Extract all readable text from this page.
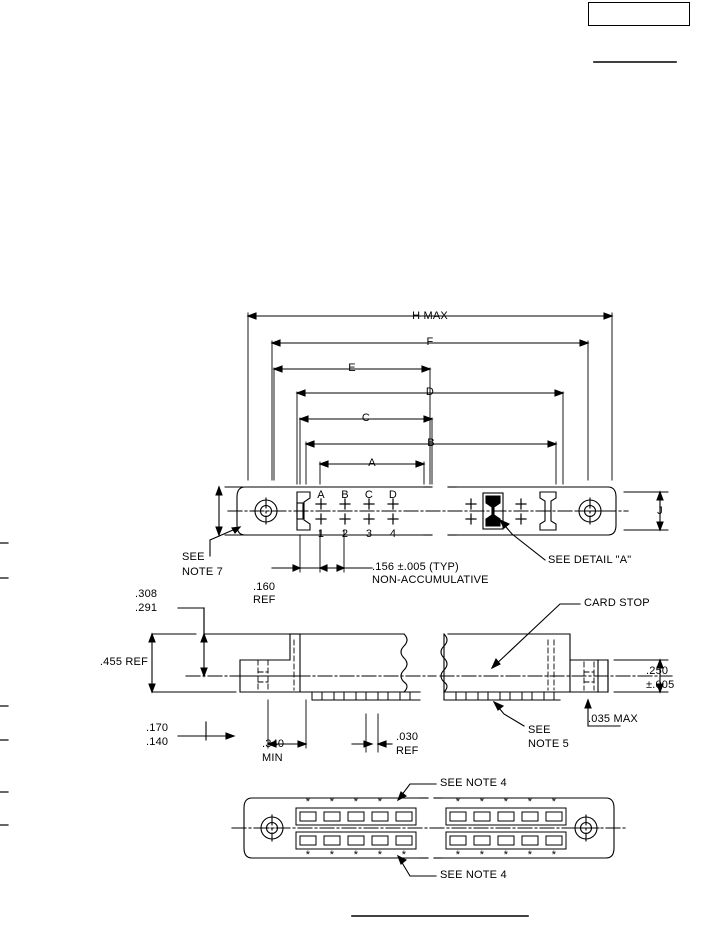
H MAX
F
E
D
C
B
A
J
A	B	C	D
1	2	3	4
.156 ±.005 (TYP)
NON-ACCUMULATIVE
SEE DETAIL "A"
SEE
NOTE 7
.160
REF
.308
.291
.455 REF
.170
.140	.340
MIN
.030
REF
.250
±.005
.035 MAX
CARD STOP
SEE
NOTE 5
SEE NOTE 4
SEE NOTE 4
*	*	*	*	*	*	*	*	*
*	*	*	*	*	*	*	*	*	*
